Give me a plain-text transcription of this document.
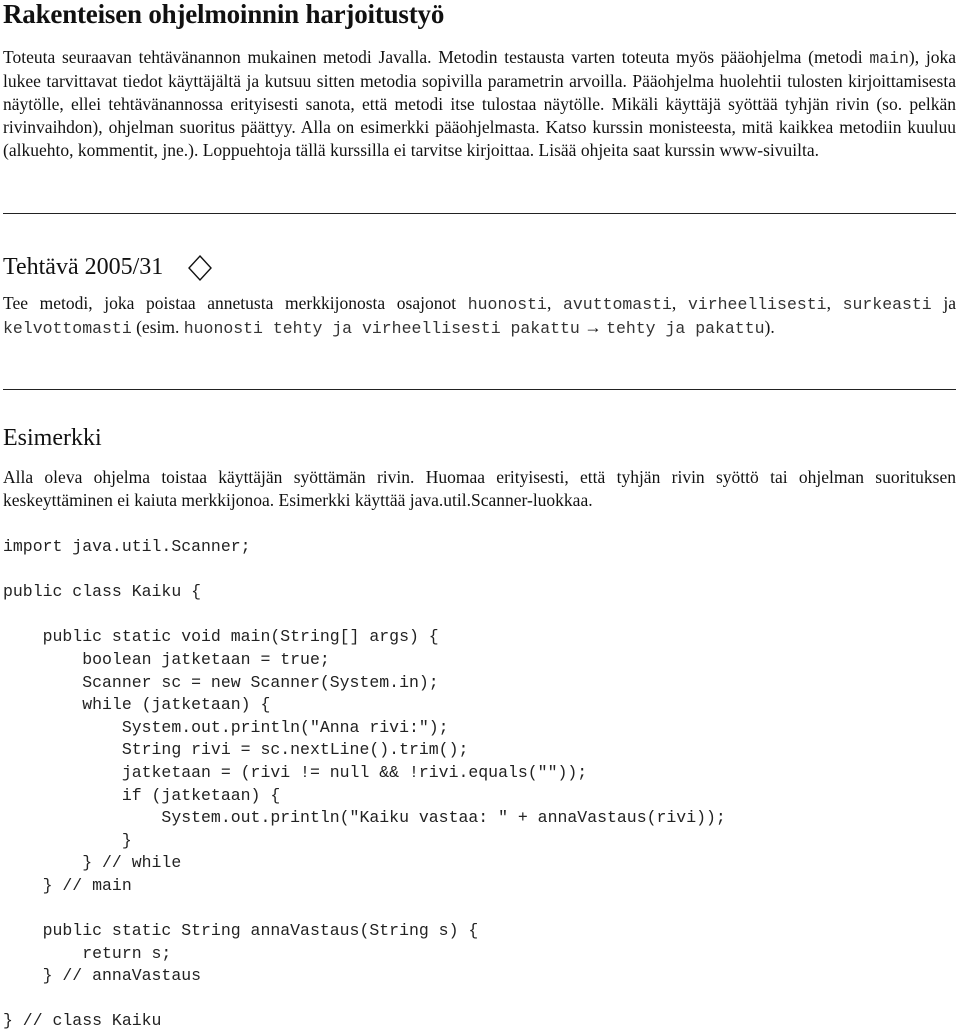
Rakenteisen ohjelmoinnin harjoitustyö

Toteuta seuraavan tehtävänannon mukainen metodi Javalla. Metodin testausta varten toteuta myös pääohjelma (metodi main), joka lukee tarvittavat tiedot käyttäjältä ja kutsuu sitten metodia sopivilla parametrin arvoilla. Pääohjelma huolehtii tulosten kirjoittamisesta näytölle, ellei tehtävänannossa erityisesti sanota, että metodi itse tulostaa näytölle. Mikäli käyttäjä syöttää tyhjän rivin (so. pelkän rivinvaihdon), ohjelman suoritus päättyy. Alla on esimerkki pääohjelmasta. Katso kurssin monisteesta, mitä kaikkea metodiin kuuluu (alkuehto, kommentit, jne.). Loppuehtoja tällä kurssilla ei tarvitse kirjoittaa. Lisää ohjeita saat kurssin www-sivuilta.

Tehtävä 2005/31

Tee metodi, joka poistaa annetusta merkkijonosta osajonot huonosti, avuttomasti, virheellisesti, surkeasti ja kelvottomasti (esim. huonosti tehty ja virheellisesti pakattu → tehty ja pakattu).

Esimerkki

Alla oleva ohjelma toistaa käyttäjän syöttämän rivin. Huomaa erityisesti, että tyhjän rivin syöttö tai ohjelman suorituksen keskeyttäminen ei kaiuta merkkijonoa. Esimerkki käyttää java.util.Scanner-luokkaa.

import java.util.Scanner;
public class Kaiku {
public static void main(String[] args) {
boolean jatketaan = true;
Scanner sc = new Scanner(System.in);
while (jatketaan) {
System.out.println("Anna rivi:");
String rivi = sc.nextLine().trim();
jatketaan = (rivi != null && !rivi.equals(""));
if (jatketaan) {
System.out.println("Kaiku vastaa: " + annaVastaus(rivi));
}
} // while
} // main
public static String annaVastaus(String s) {
return s;
} // annaVastaus
} // class Kaiku
